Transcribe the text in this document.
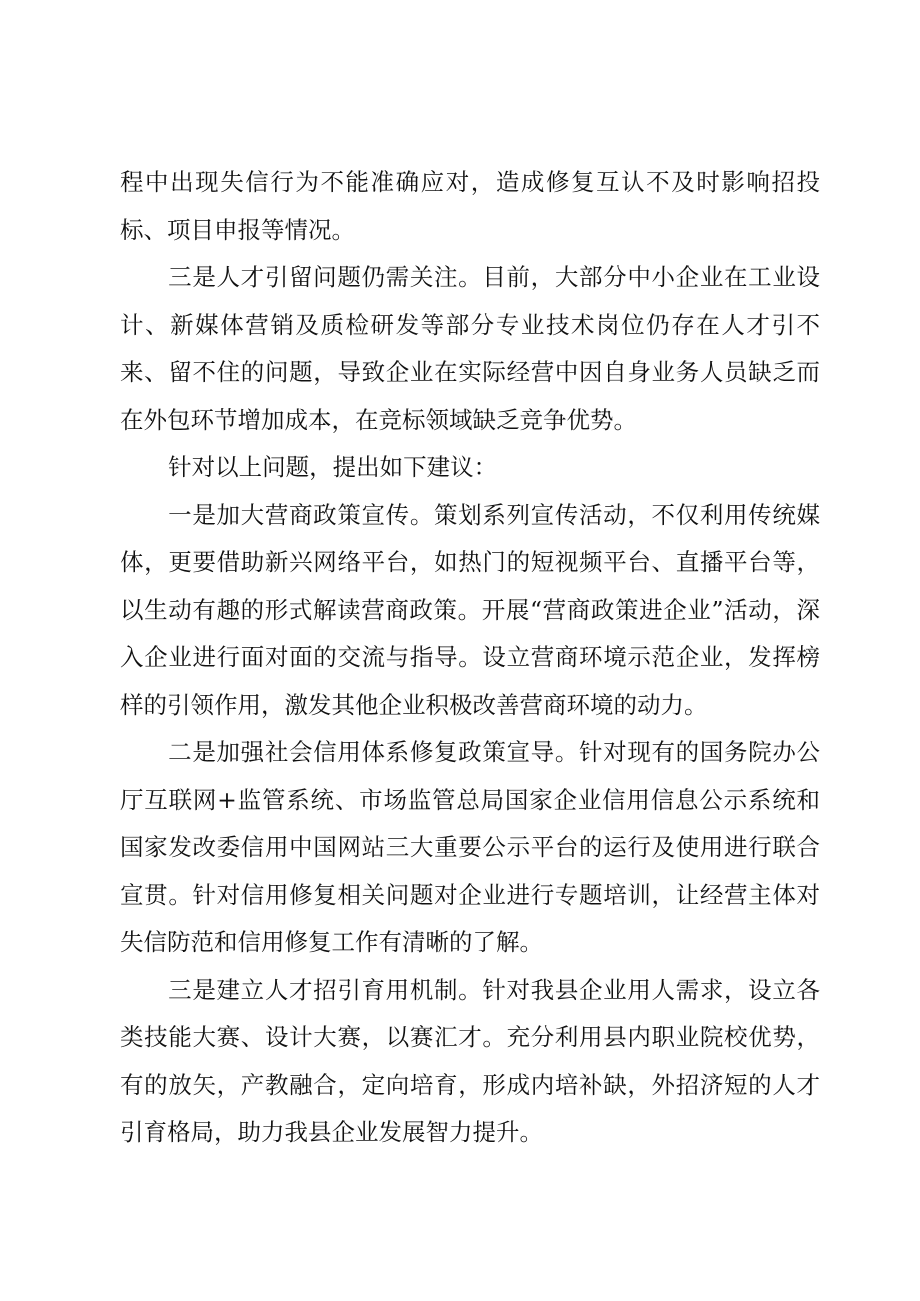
程中出现失信行为不能准确应对，造成修复互认不及时影响招投标、项目申报等情况。

三是人才引留问题仍需关注。目前，大部分中小企业在工业设计、新媒体营销及质检研发等部分专业技术岗位仍存在人才引不来、留不住的问题，导致企业在实际经营中因自身业务人员缺乏而在外包环节增加成本，在竞标领域缺乏竞争优势。

针对以上问题，提出如下建议：

一是加大营商政策宣传。策划系列宣传活动，不仅利用传统媒体，更要借助新兴网络平台，如热门的短视频平台、直播平台等，以生动有趣的形式解读营商政策。开展“营商政策进企业”活动，深入企业进行面对面的交流与指导。设立营商环境示范企业，发挥榜样的引领作用，激发其他企业积极改善营商环境的动力。

二是加强社会信用体系修复政策宣导。针对现有的国务院办公厅互联网+监管系统、市场监管总局国家企业信用信息公示系统和国家发改委信用中国网站三大重要公示平台的运行及使用进行联合宣贯。针对信用修复相关问题对企业进行专题培训，让经营主体对失信防范和信用修复工作有清晰的了解。

三是建立人才招引育用机制。针对我县企业用人需求，设立各类技能大赛、设计大赛，以赛汇才。充分利用县内职业院校优势，有的放矢，产教融合，定向培育，形成内培补缺，外招济短的人才引育格局，助力我县企业发展智力提升。
